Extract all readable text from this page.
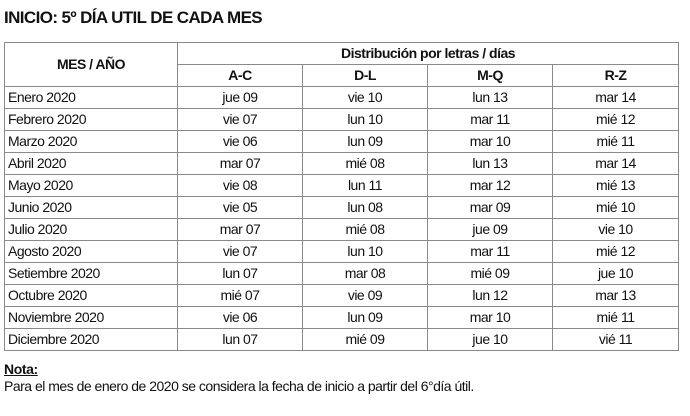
INICIO: 5º DÍA UTIL DE CADA MES
MES / AÑO	Distribución por letras / días			
	A-C	D-L	M-Q	R-Z
Enero 2020	jue 09	vie 10	lun 13	mar 14
Febrero 2020	vie 07	lun 10	mar 11	mié 12
Marzo 2020	vie 06	lun 09	mar 10	mié 11
Abril 2020	mar 07	mié 08	lun 13	mar 14
Mayo 2020	vie 08	lun 11	mar 12	mié 13
Junio 2020	vie 05	lun 08	mar 09	mié 10
Julio 2020	mar 07	mié 08	jue 09	vie 10
Agosto 2020	vie 07	lun 10	mar 11	mié 12
Setiembre 2020	lun 07	mar 08	mié 09	jue 10
Octubre 2020	mié 07	vie 09	lun 12	mar 13
Noviembre 2020	vie 06	lun 09	mar 10	mié 11
Diciembre 2020	lun 07	mié 09	jue 10	vié 11
Nota:
Para el mes de enero de 2020 se considera la fecha de inicio a partir del 6°día útil.
